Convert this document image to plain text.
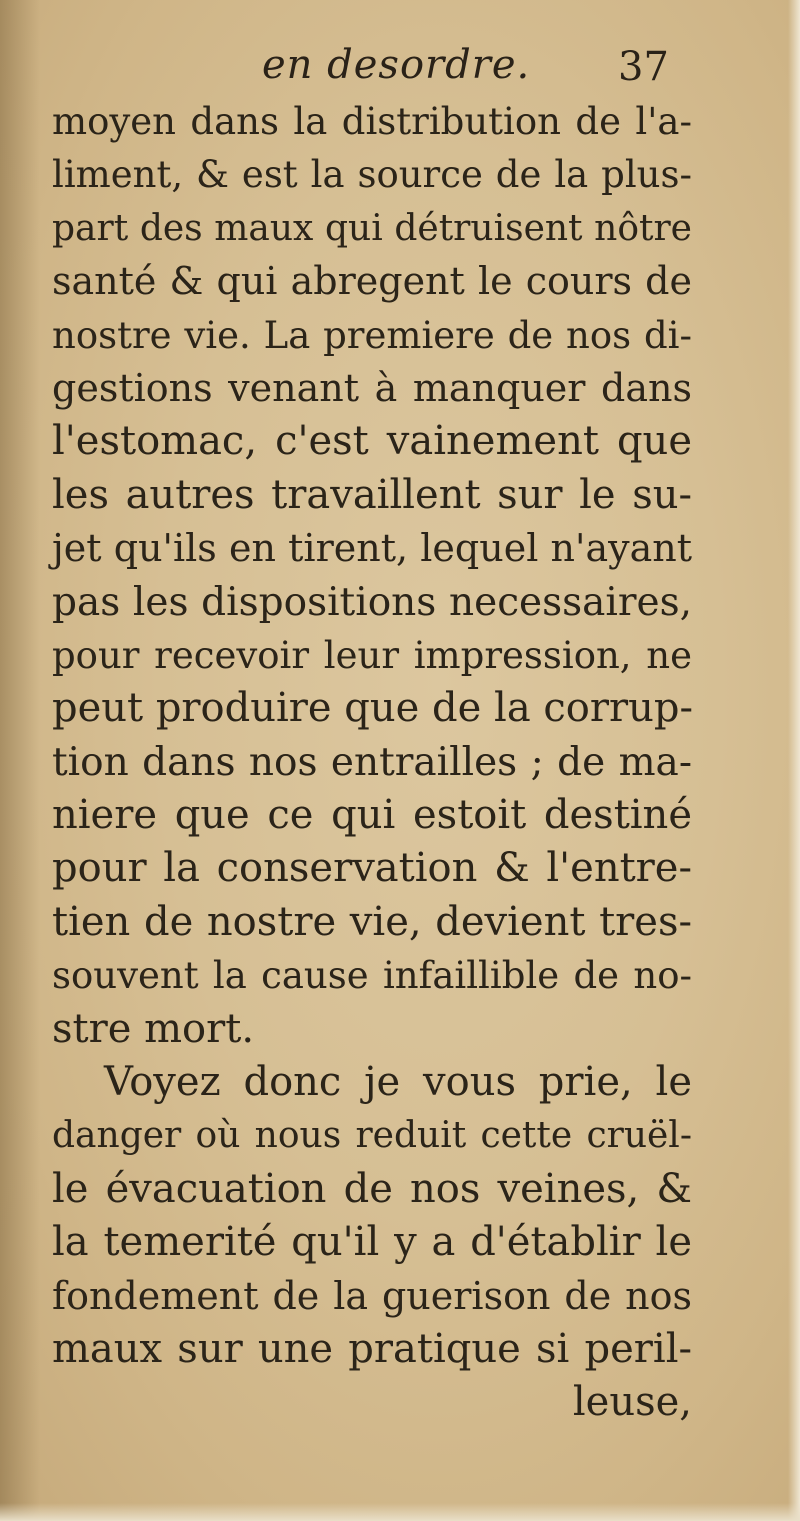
en desordre. 37
moyen dans la distribution de l'a-
liment, & est la source de la plus-
part des maux qui détruisent nôtre
santé & qui abregent le cours de
nostre vie. La premiere de nos di-
gestions venant à manquer dans
l'estomac, c'est vainement que
les autres travaillent sur le su-
jet qu'ils en tirent, lequel n'ayant
pas les dispositions necessaires,
pour recevoir leur impression, ne
peut produire que de la corrup-
tion dans nos entrailles ; de ma-
niere que ce qui estoit destiné
pour la conservation & l'entre-
tien de nostre vie, devient tres-
souvent la cause infaillible de no-
stre mort.
Voyez donc je vous prie, le
danger où nous reduit cette cruël-
le évacuation de nos veines, &
la temerité qu'il y a d'établir le
fondement de la guerison de nos
maux sur une pratique si peril-
leuse,
